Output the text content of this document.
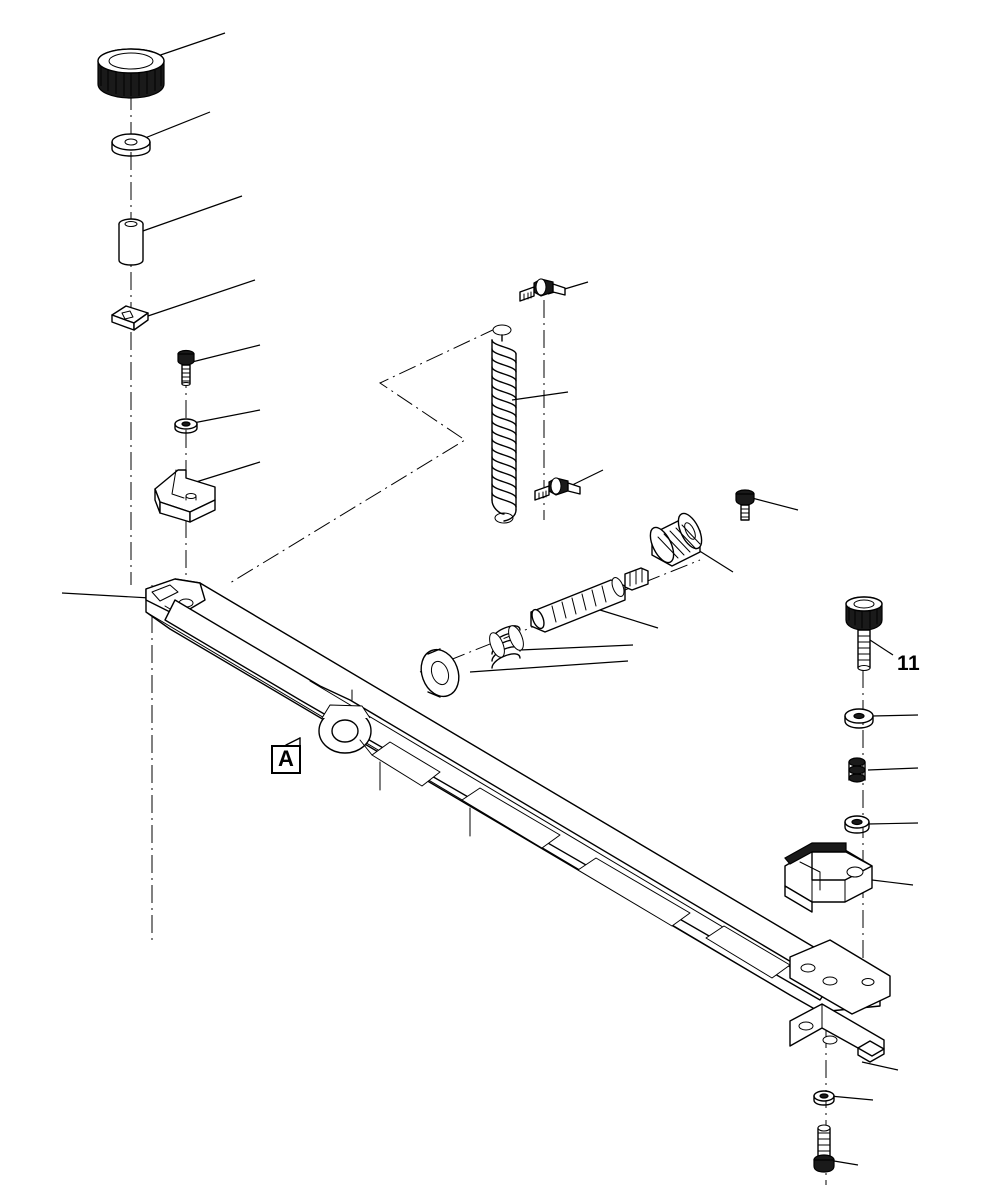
A
11
